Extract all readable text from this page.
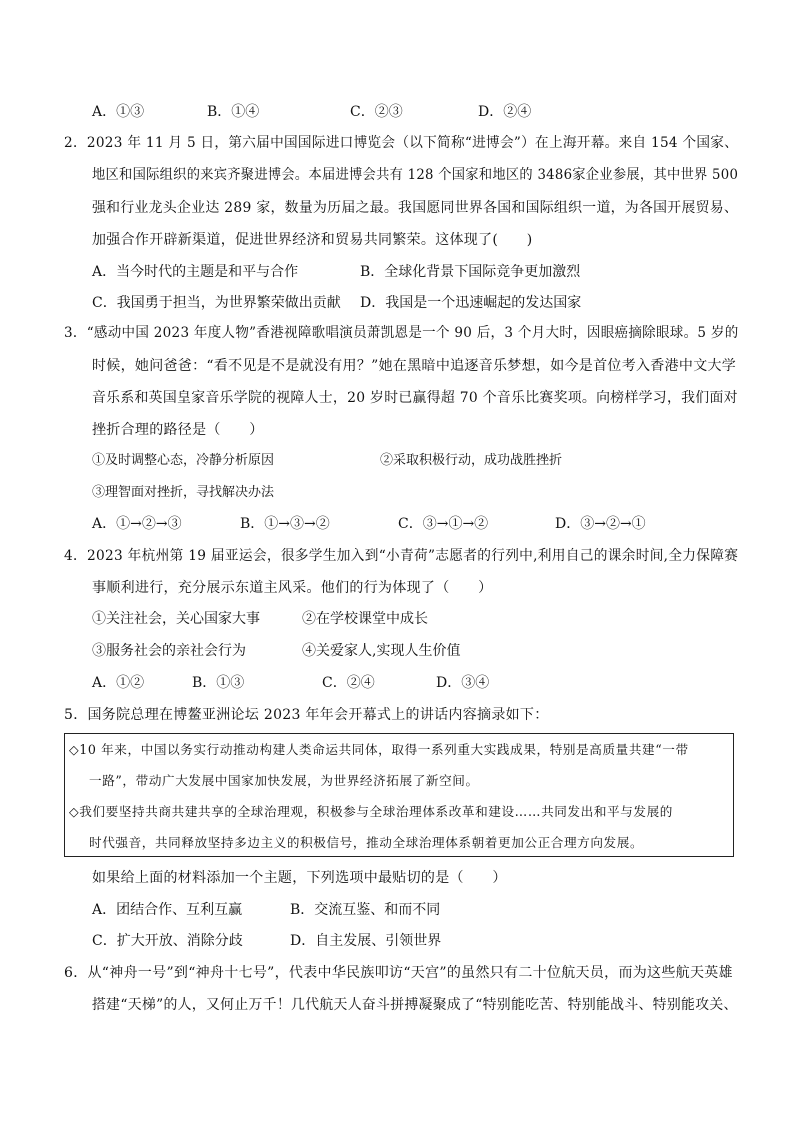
A．①③	B．①④	C．②③	D．②④
2．2023 年 11 月 5 日，第六届中国国际进口博览会（以下简称“进博会”）在上海开幕。来自 154 个国家、
地区和国际组织的来宾齐聚进博会。本届进博会共有 128 个国家和地区的 3486家企业参展，其中世界 500
强和行业龙头企业达 289 家，数量为历届之最。我国愿同世界各国和国际组织一道，为各国开展贸易、
加强合作开辟新渠道，促进世界经济和贸易共同繁荣。这体现了(　　)
A．当今时代的主题是和平与合作	B．全球化背景下国际竞争更加激烈
C．我国勇于担当，为世界繁荣做出贡献 D．我国是一个迅速崛起的发达国家
3．“感动中国 2023 年度人物”香港视障歌唱演员萧凯恩是一个 90 后，3 个月大时，因眼癌摘除眼球。5 岁的
时候，她问爸爸：“看不见是不是就没有用？”她在黑暗中追逐音乐梦想，如今是首位考入香港中文大学
音乐系和英国皇家音乐学院的视障人士，20 岁时已赢得超 70 个音乐比赛奖项。向榜样学习，我们面对
挫折合理的路径是（　　）
①及时调整心态，冷静分析原因	②采取积极行动，成功战胜挫折
③理智面对挫折，寻找解决办法
A．①→②→③	B．①→③→②	C．③→①→②	D．③→②→①
4．2023 年杭州第 19 届亚运会，很多学生加入到“小青荷”志愿者的行列中,利用自己的课余时间,全力保障赛
事顺利进行，充分展示东道主风采。他们的行为体现了（　　）
①关注社会，关心国家大事	②在学校课堂中成长
③服务社会的亲社会行为	④关爱家人,实现人生价值
A．①②	B．①③	C．②④	D．③④
5．国务院总理在博鳌亚洲论坛 2023 年年会开幕式上的讲话内容摘录如下：
◇10 年来，中国以务实行动推动构建人类命运共同体，取得一系列重大实践成果，特别是高质量共建“一带
一路”，带动广大发展中国家加快发展，为世界经济拓展了新空间。
◇我们要坚持共商共建共享的全球治理观，积极参与全球治理体系改革和建设……共同发出和平与发展的
时代强音，共同释放坚持多边主义的积极信号，推动全球治理体系朝着更加公正合理方向发展。
如果给上面的材料添加一个主题，下列选项中最贴切的是（　　）
A．团结合作、互利互赢	B．交流互鉴、和而不同
C．扩大开放、消除分歧	D．自主发展、引领世界
6．从“神舟一号”到“神舟十七号”，代表中华民族叩访“天宫”的虽然只有二十位航天员，而为这些航天英雄
搭建“天梯”的人，又何止万千！几代航天人奋斗拼搏凝聚成了“特别能吃苦、特别能战斗、特别能攻关、
